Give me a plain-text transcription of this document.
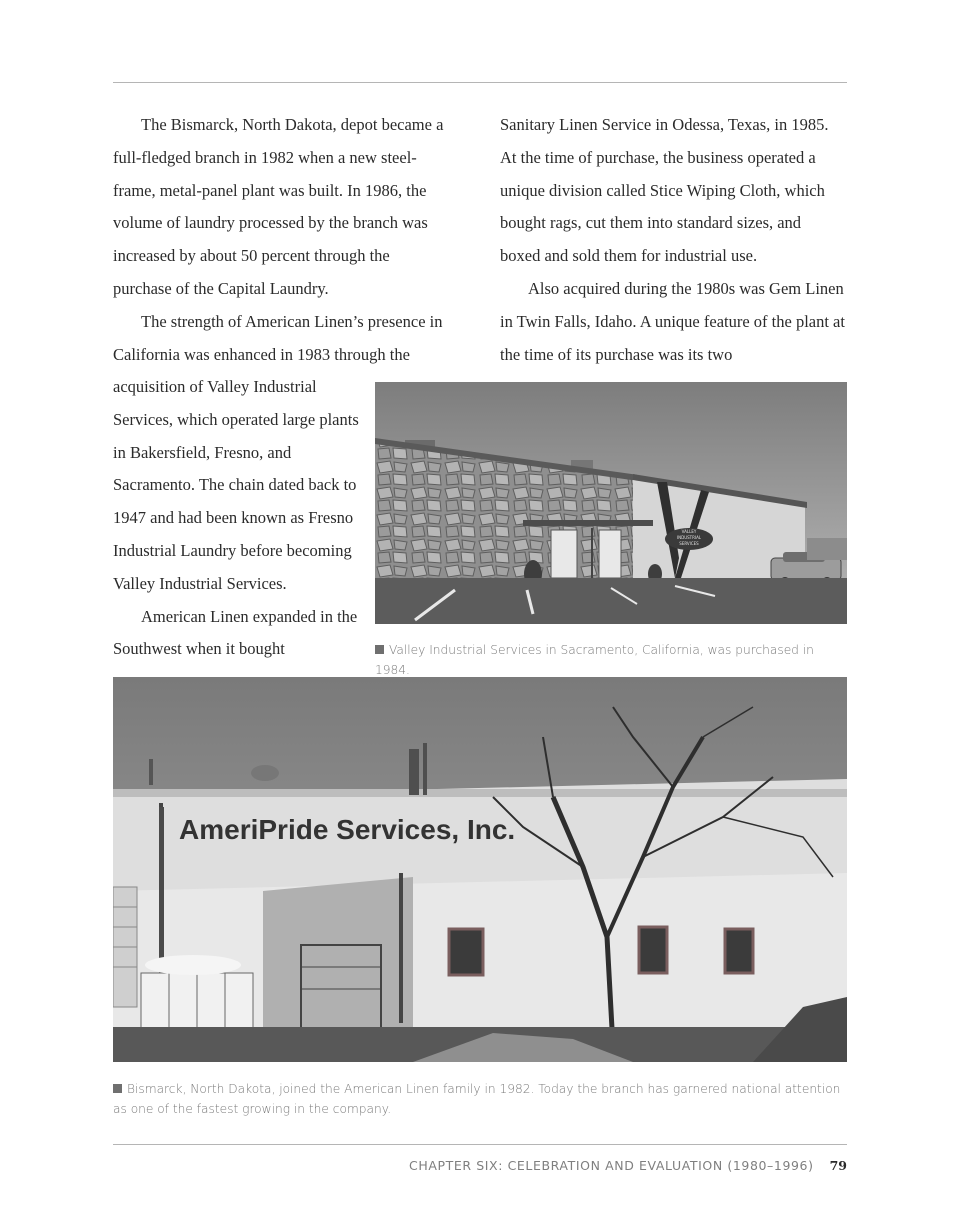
The Bismarck, North Dakota, depot became a full-fledged branch in 1982 when a new steel-frame, metal-panel plant was built. In 1986, the volume of laundry processed by the branch was increased by about 50 percent through the purchase of the Capital Laundry.

The strength of American Linen’s presence in California was enhanced in 1983 through the

acquisition of Valley Industrial Services, which operated large plants in Bakersfield, Fresno, and Sacramento. The chain dated back to 1947 and had been known as Fresno Industrial Laundry before becoming Valley Industrial Services.

American Linen expanded in the Southwest when it bought

Sanitary Linen Service in Odessa, Texas, in 1985. At the time of purchase, the business operated a unique division called Stice Wiping Cloth, which bought rags, cut them into standard sizes, and boxed and sold them for industrial use.

Also acquired during the 1980s was Gem Linen in Twin Falls, Idaho. A unique feature of the plant at the time of its purchase was its two

VALLEY
INDUSTRIAL
SERVICES
Valley Industrial Services in Sacramento, California, was purchased in 1984.
AmeriPride Services, Inc.
Bismarck, North Dakota, joined the American Linen family in 1982. Today the branch has garnered national attention as one of the fastest growing in the company.
CHAPTER SIX: CELEBRATION AND EVALUATION (1980–1996) 79
